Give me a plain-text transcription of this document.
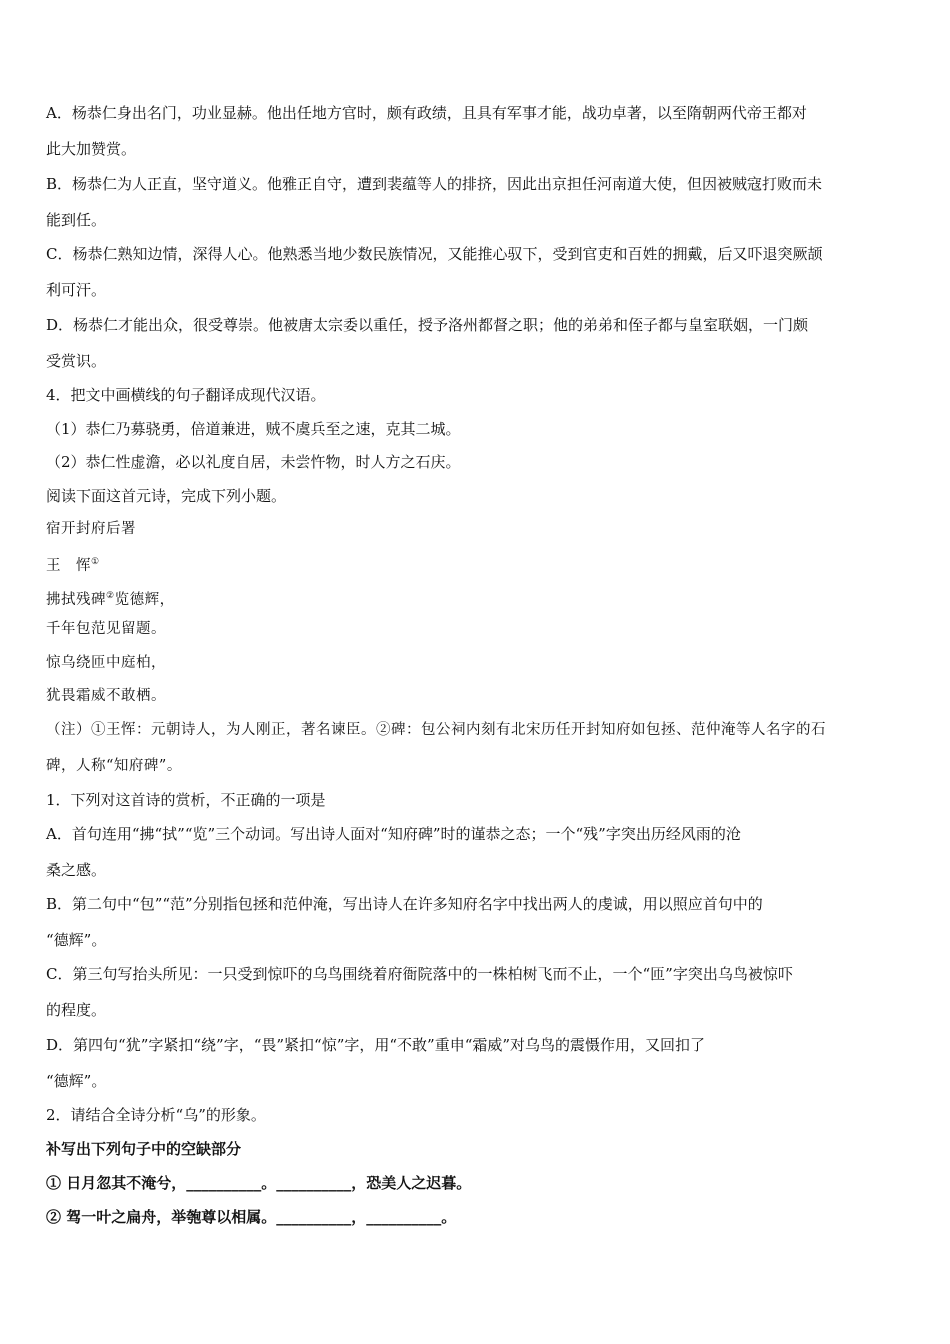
A．杨恭仁身出名门，功业显赫。他出任地方官时，颇有政绩，且具有军事才能，战功卓著，以至隋朝两代帝王都对
此大加赞赏。
B．杨恭仁为人正直，坚守道义。他雅正自守，遭到裴蕴等人的排挤，因此出京担任河南道大使，但因被贼寇打败而未
能到任。
C．杨恭仁熟知边情，深得人心。他熟悉当地少数民族情况，又能推心驭下，受到官吏和百姓的拥戴，后又吓退突厥颉
利可汗。
D．杨恭仁才能出众，很受尊崇。他被唐太宗委以重任，授予洛州都督之职；他的弟弟和侄子都与皇室联姻，一门颇
受赏识。
4．把文中画横线的句子翻译成现代汉语。
（1）恭仁乃募骁勇，倍道兼进，贼不虞兵至之速，克其二城。
（2）恭仁性虚澹，必以礼度自居，未尝忤物，时人方之石庆。
阅读下面这首元诗，完成下列小题。
宿开封府后署
王　恽①
拂拭残碑②览德辉，
千年包范见留题。
惊乌绕匝中庭柏，
犹畏霜威不敢栖。
（注）①王恽：元朝诗人，为人刚正，著名谏臣。②碑：包公祠内刻有北宋历任开封知府如包拯、范仲淹等人名字的石
碑，人称“知府碑”。
1．下列对这首诗的赏析，不正确的一项是
A．首句连用“拂“拭”“览”三个动词。写出诗人面对“知府碑”时的谨恭之态；一个“残”字突出历经风雨的沧
桑之感。
B．第二句中“包”“范”分别指包拯和范仲淹，写出诗人在许多知府名字中找出两人的虔诚，用以照应首句中的
“德辉”。
C．第三句写抬头所见：一只受到惊吓的乌鸟围绕着府衙院落中的一株柏树飞而不止，一个“匝”字突出乌鸟被惊吓
的程度。
D．第四句“犹”字紧扣“绕”字，“畏”紧扣“惊”字，用“不敢”重申“霜威”对乌鸟的震慑作用，又回扣了
“德辉”。
2．请结合全诗分析“乌”的形象。
补写出下列句子中的空缺部分
① 日月忽其不淹兮，__________。__________，恐美人之迟暮。
② 驾一叶之扁舟，举匏尊以相属。__________，__________。
